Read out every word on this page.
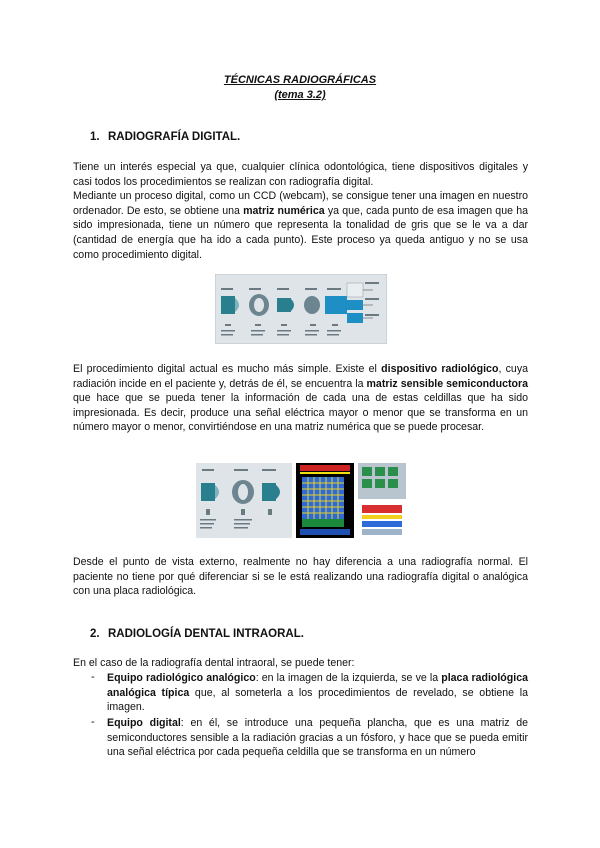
TÉCNICAS RADIOGRÁFICAS
(tema 3.2)
1. RADIOGRAFÍA DIGITAL.
Tiene un interés especial ya que, cualquier clínica odontológica, tiene dispositivos digitales y casi todos los procedimientos se realizan con radiografía digital.
Mediante un proceso digital, como un CCD (webcam), se consigue tener una imagen en nuestro ordenador. De esto, se obtiene una matriz numérica ya que, cada punto de esa imagen que ha sido impresionada, tiene un número que representa la tonalidad de gris que se le va a dar (cantidad de energía que ha ido a cada punto). Este proceso ya queda antiguo y no se usa como procedimiento digital.
El procedimiento digital actual es mucho más simple. Existe el dispositivo radiológico, cuya radiación incide en el paciente y, detrás de él, se encuentra la matriz sensible semiconductora que hace que se pueda tener la información de cada una de estas celdillas que ha sido impresionada. Es decir, produce una señal eléctrica mayor o menor que se transforma en un número mayor o menor, convirtiéndose en una matriz numérica que se puede procesar.
Desde el punto de vista externo, realmente no hay diferencia a una radiografía normal. El paciente no tiene por qué diferenciar si se le está realizando una radiografía digital o analógica con una placa radiológica.
2. RADIOLOGÍA DENTAL INTRAORAL.
En el caso de la radiografía dental intraoral, se puede tener:
- Equipo radiológico analógico: en la imagen de la izquierda, se ve la placa radiológica analógica típica que, al someterla a los procedimientos de revelado, se obtiene la imagen.
- Equipo digital: en él, se introduce una pequeña plancha, que es una matriz de semiconductores sensible a la radiación gracias a un fósforo, y hace que se pueda emitir una señal eléctrica por cada pequeña celdilla que se transforma en un número
